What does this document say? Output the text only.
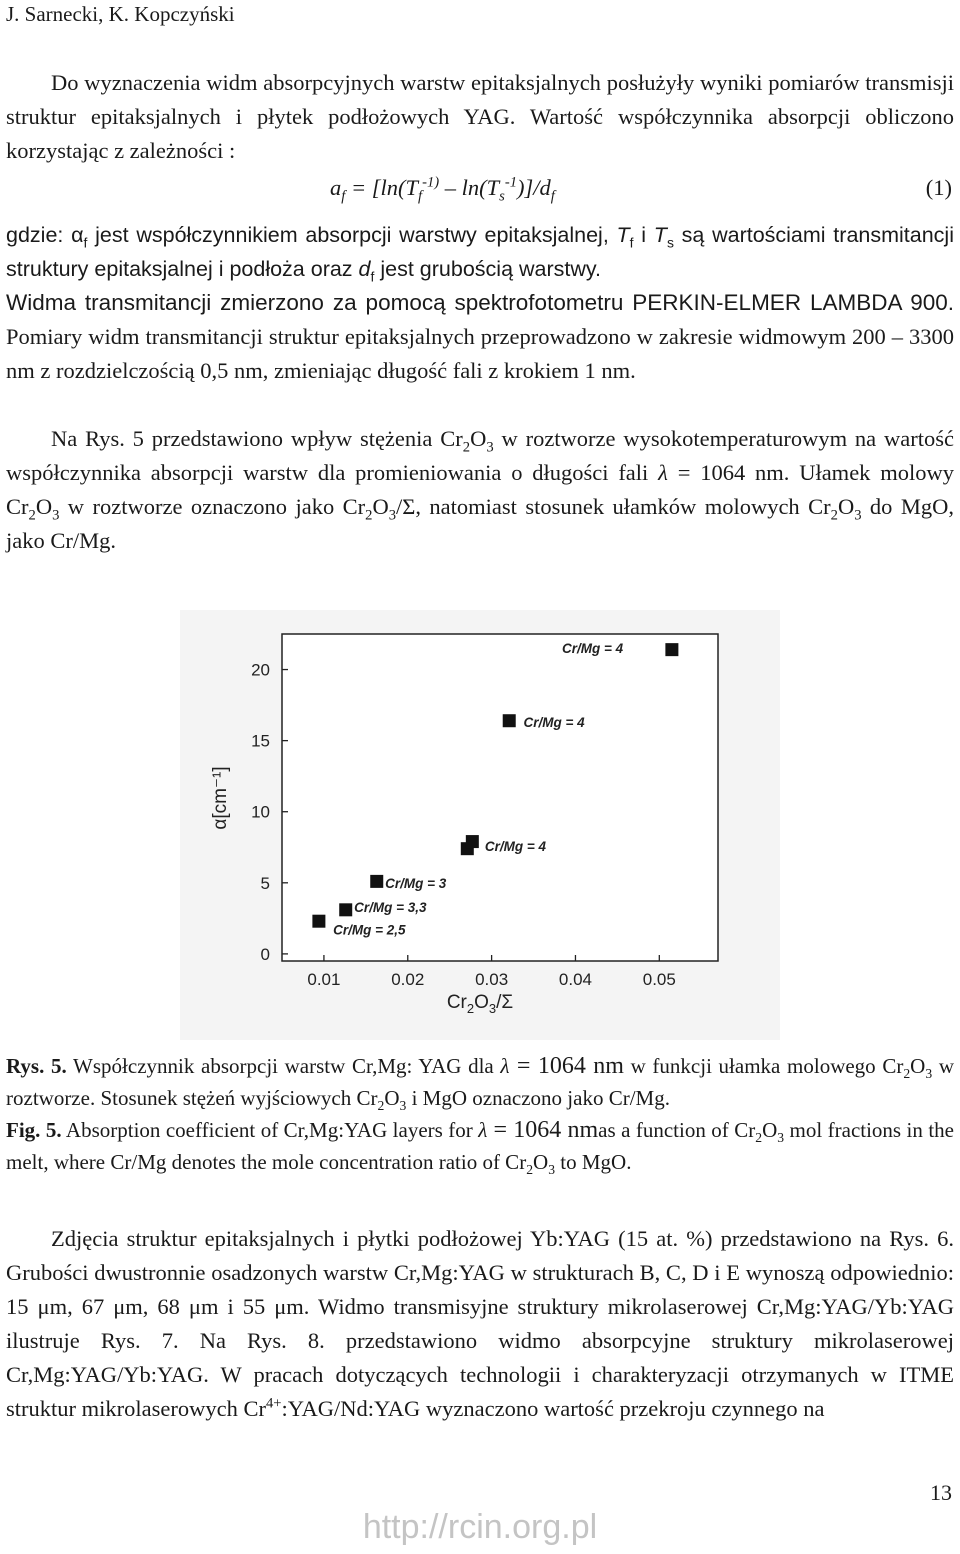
J. Sarnecki, K. Kopczyński
Do wyznaczenia widm absorpcyjnych warstw epitaksjalnych posłużyły wyniki pomiarów transmisji struktur epitaksjalnych i płytek podłożowych YAG. Wartość współczynnika absorpcji obliczono korzystając z zależności :
$a_f = [\ln(T_f^{-1)} - \ln(T_s^{-1})]/d_f$	(1)
gdzie: $\alpha_f$ jest współczynnikiem absorpcji warstwy epitaksjalnej, $T_f$ i $T_s$ są wartościami transmitancji struktury epitaksjalnej i podłoża oraz $d_f$ jest grubością warstwy.
Widma transmitancji zmierzono za pomocą spektrofotometru PERKIN-ELMER LAMBDA 900. Pomiary widm transmitancji struktur epitaksjalnych przeprowadzono w zakresie widmowym 200 – 3300 nm z rozdzielczością 0,5 nm, zmieniając długość fali z krokiem 1 nm.
Na Rys. 5 przedstawiono wpływ stężenia $Cr_2O_3$ w roztworze wysokotemperaturowym na wartość współczynnika absorpcji warstw dla promieniowania o długości fali λ = 1064 nm. Ułamek molowy $Cr_2O_3$ w roztworze oznaczono jako $Cr_2O_3/\Sigma$, natomiast stosunek ułamków molowych $Cr_2O_3$ do MgO, jako Cr/Mg.
0.01	0.02	0.03	0.04	0.05
0
5
10
15
20
Cr/Mg = 2,5
Cr/Mg = 3,3
Cr/Mg = 3
Cr/Mg = 4
Cr/Mg = 4
Cr/Mg = 4
α[cm⁻¹]
$Cr_2O_3/\Sigma$
Rys. 5. Współczynnik absorpcji warstw Cr,Mg: YAG dla λ = 1064 nm w funkcji ułamka molowego $Cr_2O_3$ w roztworze. Stosunek stężeń wyjściowych $Cr_2O_3$ i MgO oznaczono jako Cr/Mg.
Fig. 5. Absorption coefficient of Cr,Mg:YAG layers for λ = 1064 nmas a function of $Cr_2O_3$ mol fractions in the melt, where Cr/Mg denotes the mole concentration ratio of $Cr_2O_3$ to MgO.
Zdjęcia struktur epitaksjalnych i płytki podłożowej Yb:YAG (15 at. %) przedstawiono na Rys. 6. Grubości dwustronnie osadzonych warstw Cr,Mg:YAG w strukturach B, C, D i E wynoszą odpowiednio: 15 μm, 67 μm, 68 μm i 55 μm. Widmo transmisyjne struktury mikrolaserowej Cr,Mg:YAG/Yb:YAG ilustruje Rys. 7. Na Rys. 8. przedstawiono widmo absorpcyjne struktury mikrolaserowej Cr,Mg:YAG/Yb:YAG. W pracach dotyczących technologii i charakteryzacji otrzymanych w ITME struktur mikrolaserowych $Cr^{4+}:YAG/Nd:YAG$ wyznaczono wartość przekroju czynnego na
13
http://rcin.org.pl
